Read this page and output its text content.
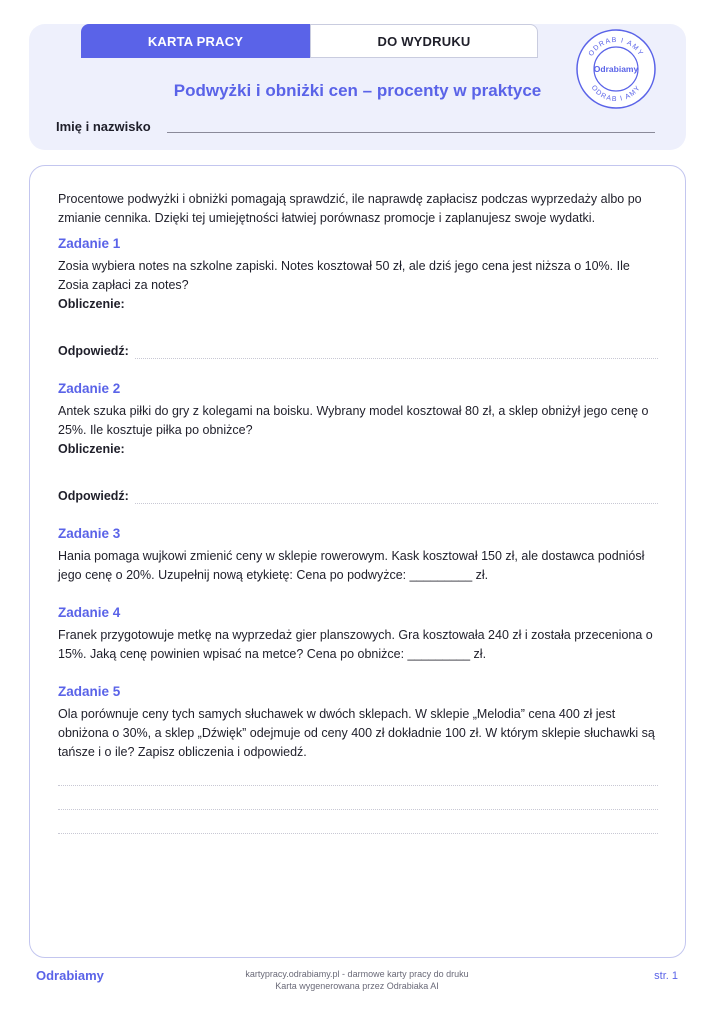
KARTA PRACY	DO WYDRUKU
ODRAB I AMY
ODRAB I AMY
Odrabiamy
Podwyżki i obniżki cen – procenty w praktyce
Imię i nazwisko

Procentowe podwyżki i obniżki pomagają sprawdzić, ile naprawdę zapłacisz podczas wyprzedaży albo po zmianie cennika. Dzięki tej umiejętności łatwiej porównasz promocje i zaplanujesz swoje wydatki.

Zadanie 1
Zosia wybiera notes na szkolne zapiski. Notes kosztował 50 zł, ale dziś jego cena jest niższa o 10%. Ile Zosia zapłaci za notes?
Obliczenie:
Odpowiedź:
Zadanie 2
Antek szuka piłki do gry z kolegami na boisku. Wybrany model kosztował 80 zł, a sklep obniżył jego cenę o 25%. Ile kosztuje piłka po obniżce?
Obliczenie:
Odpowiedź:
Zadanie 3
Hania pomaga wujkowi zmienić ceny w sklepie rowerowym. Kask kosztował 150 zł, ale dostawca podniósł jego cenę o 20%. Uzupełnij nową etykietę: Cena po podwyżce: _________ zł.
Zadanie 4
Franek przygotowuje metkę na wyprzedaż gier planszowych. Gra kosztowała 240 zł i została przeceniona o 15%. Jaką cenę powinien wpisać na metce? Cena po obniżce: _________ zł.
Zadanie 5
Ola porównuje ceny tych samych słuchawek w dwóch sklepach. W sklepie „Melodia” cena 400 zł jest obniżona o 30%, a sklep „Dźwięk” odejmuje od ceny 400 zł dokładnie 100 zł. W którym sklepie słuchawki są tańsze i o ile? Zapisz obliczenia i odpowiedź.
Odrabiamy	kartypracy.odrabiamy.pl - darmowe karty pracy do druku
Karta wygenerowana przez Odrabiaka AI
str. 1
